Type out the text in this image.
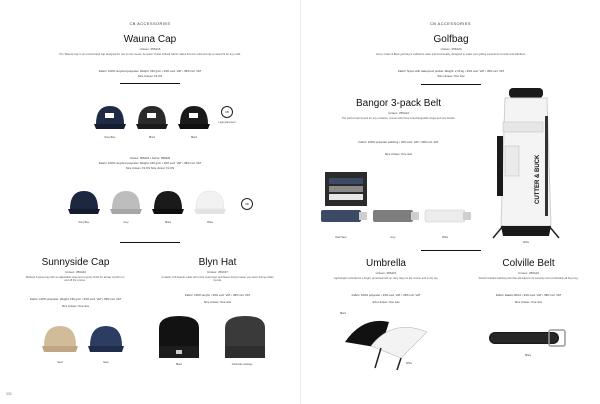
CB ACCESSORIES
Wauna Cap
Unisex: 356416
The 'Wauna Cap' is an unstructured cap designed for use on the course. Its iconic 'Cutter & Buck' fabric makes this trim-coloured cap a natural fit for any outfit.
Fabric: 100% recycled polyester. Weight: 150 g/m² • 33% excl. VAT • 39% incl. VAT
Size Unisex: Fit OS
Navy Blue	Black	Black
CB
Logo placement
Unisex: 356416 • Junior: 356426
Fabric: 100% recycled polyester. Weight: 150 g/m² • 33% excl. VAT • 39% incl. VAT
Size Unisex: Fit OS Size Junior: Fit OS
Navy Blue	Grey	Black	White
CB
Sunnyside Cap
Unisex: 356440
Relaxed 6-panel cap with an adjustable strap and a sporty finish for all-day comfort on and off the course.
Fabric: 100% polyester. Weight: 150 g/m² • 33% excl. VAT • 39% incl. VAT
Size Unisex: One size
Sand	Navy
Blyn Hat
Unisex: 356437
A classic soft beanie made with a knit outer layer and fleece lining to keep you warm during colder rounds.
Fabric: 100% acrylic • 33% excl. VAT • 39% incl. VAT
Size Unisex: One size
Black	Anthracite melange
330
CB ACCESSORIES
Golfbag
Unisex: 356420
Every Cutter & Buck golf bag is crafted for ease and functionality, designed to make your golfing experience smooth and effortless.
Fabric: Nylon with waterproof pocket. Weight: 2,15 kg • 33% excl. VAT • 39% incl. VAT
Size Unisex: One size
CUTTER & BUCK
White
Bangor 3-pack Belt
Unisex: 356424
The perfect belt 3-pack for any occasion. Comes with three interchangeable straps and one buckle.
Fabric: 100% polyester webbing • 33% excl. VAT • 39% incl. VAT
Size Unisex: One size
Dark Navy	Grey	White
Umbrella
Unisex: 356421
Lightweight umbrella for a bright, protected look on rainy days on the course and in the city.
Fabric: 100% polyester • 33% excl. VAT • 39% incl. VAT
Size Unisex: One size
Black
White
Colville Belt
Unisex: 356423
Stretch braided webbing belt that will adjust to fit securely and comfortably all day long.
Fabric: Elastic 90/10 • 33% excl. VAT • 39% incl. VAT
Size Unisex: One size
Black
